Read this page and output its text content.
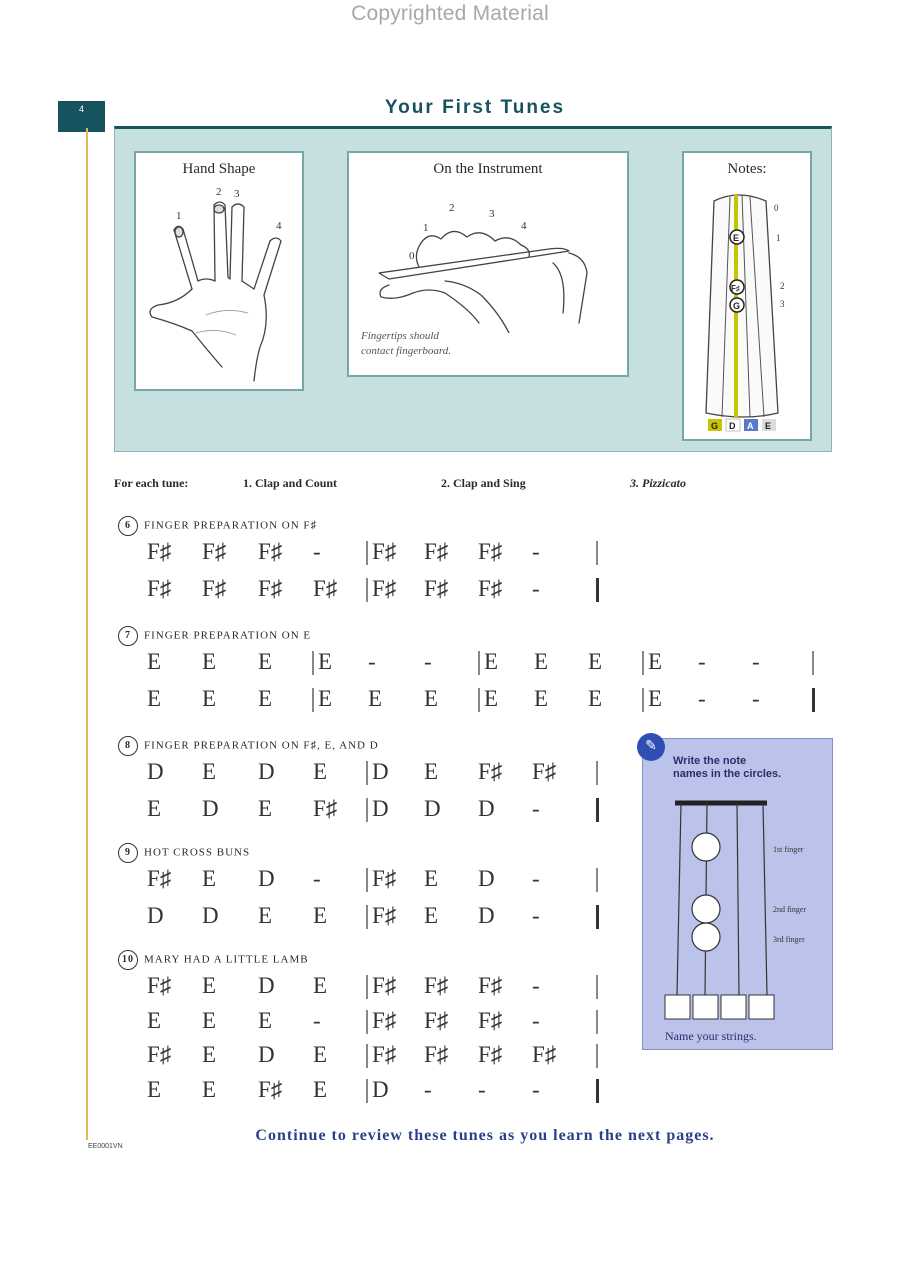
Copyrighted Material
4	Your First Tunes
Hand Shape
1
2 3
4
On the Instrument
0
1
2	3
4
Fingertips should
contact fingerboard.
Notes:
E
F♯
G
0
1
2
3
G D A E
For each tune:	1. Clap and Count	2. Clap and Sing	3. Pizzicato
6 FINGER PREPARATION ON F♯
F♯ F♯ F♯ - F♯ F♯ F♯ -
F♯ F♯ F♯ F♯ F♯ F♯ F♯ -
7 FINGER PREPARATION ON E
E E E E - - E E E E - -
E E E E E E E E E E - -
8 FINGER PREPARATION ON F♯, E, AND D
D E D E D E F♯ F♯
E D E F♯ D D D -
9 HOT CROSS BUNS
F♯ E D - F♯ E D -
D D E E F♯ E D -
10 MARY HAD A LITTLE LAMB
F♯ E D E F♯ F♯ F♯ -
E E E - F♯ F♯ F♯ -
F♯ E D E F♯ F♯ F♯ F♯
E E F♯ E D - - -
✎
Write the note
names in the circles.
1st finger
2nd finger
3rd finger
Name your strings.
Continue to review these tunes as you learn the next pages.
EE0001VN
